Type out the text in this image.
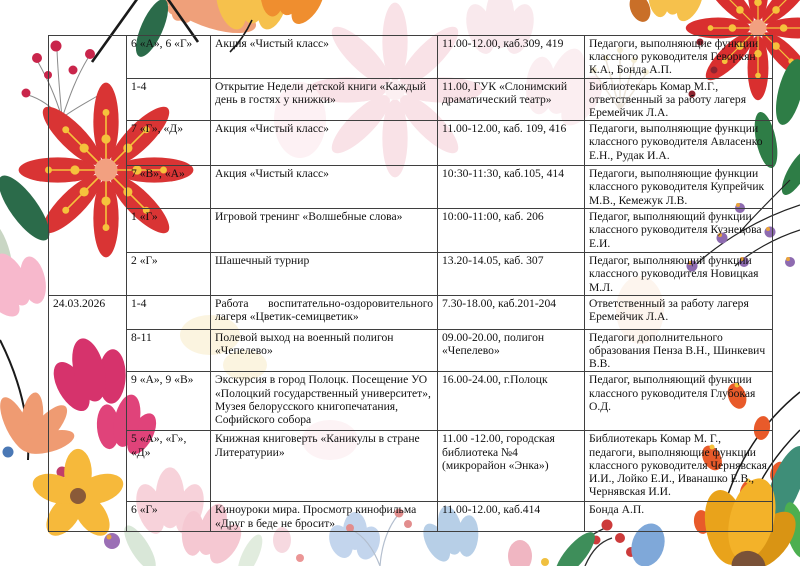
	6 «А», 6 «Г»	Акция «Чистый класс»	11.00-12.00, каб.309, 419	Педагоги, выполняющие функции классного руководителя Геворкян К.А., Бонда А.П.
	1-4	Открытие Недели детской книги «Каждый день в гостях у книжки»	11.00, ГУК «Слонимский драматический театр»	Библиотекарь Комар М.Г., ответственный за работу лагеря Еремейчик Л.А.
	7 «Г», «Д»	Акция «Чистый класс»	11.00-12.00, каб. 109, 416	Педагоги, выполняющие функции классного руководителя Авласенко Е.Н., Рудак И.А.
	7 «В», «А»	Акция «Чистый класс»	10:30-11:30, каб.105, 414	Педагоги, выполняющие функции классного руководителя Купрейчик М.В., Кемежук Л.В.
	1 «Г»	Игровой тренинг «Волшебные слова»	10:00-11:00, каб. 206	Педагог, выполняющий функции классного руководителя Кузнецова Е.И.
	2 «Г»	Шашечный турнир	13.20-14.05, каб. 307	Педагог, выполняющий функции классного руководителя Новицкая М.Л.
24.03.2026	1-4	Работа воспитательно-оздоровительного лагеря «Цветик-семицветик»	7.30-18.00, каб.201-204	Ответственный за работу лагеря Еремейчик Л.А.
	8-11	Полевой выход на военный полигон «Чепелево»	09.00-20.00, полигон «Чепелево»	Педагоги дополнительного образования Пенза В.Н., Шинкевич В.В.
	9 «А», 9 «В»	Экскурсия в город Полоцк. Посещение УО «Полоцкий государственный университет», Музея белорусского книгопечатания, Софийского собора	16.00-24.00, г.Полоцк	Педагог, выполняющий функции классного руководителя Глубокая О.Д.
	5 «А», «Г», «Д»	Книжная книговерть «Каникулы в стране Литературии»	11.00 -12.00, городская библиотека №4 (микрорайон «Энка»)	Библиотекарь Комар М. Г., педагоги, выполняющие функции классного руководителя Чернявская И.И., Лойко Е.И., Иванашко Е.В., Чернявская И.И.
	6 «Г»	Киноуроки мира. Просмотр кинофильма «Друг в беде не бросит»	11.00-12.00, каб.414	Бонда А.П.
